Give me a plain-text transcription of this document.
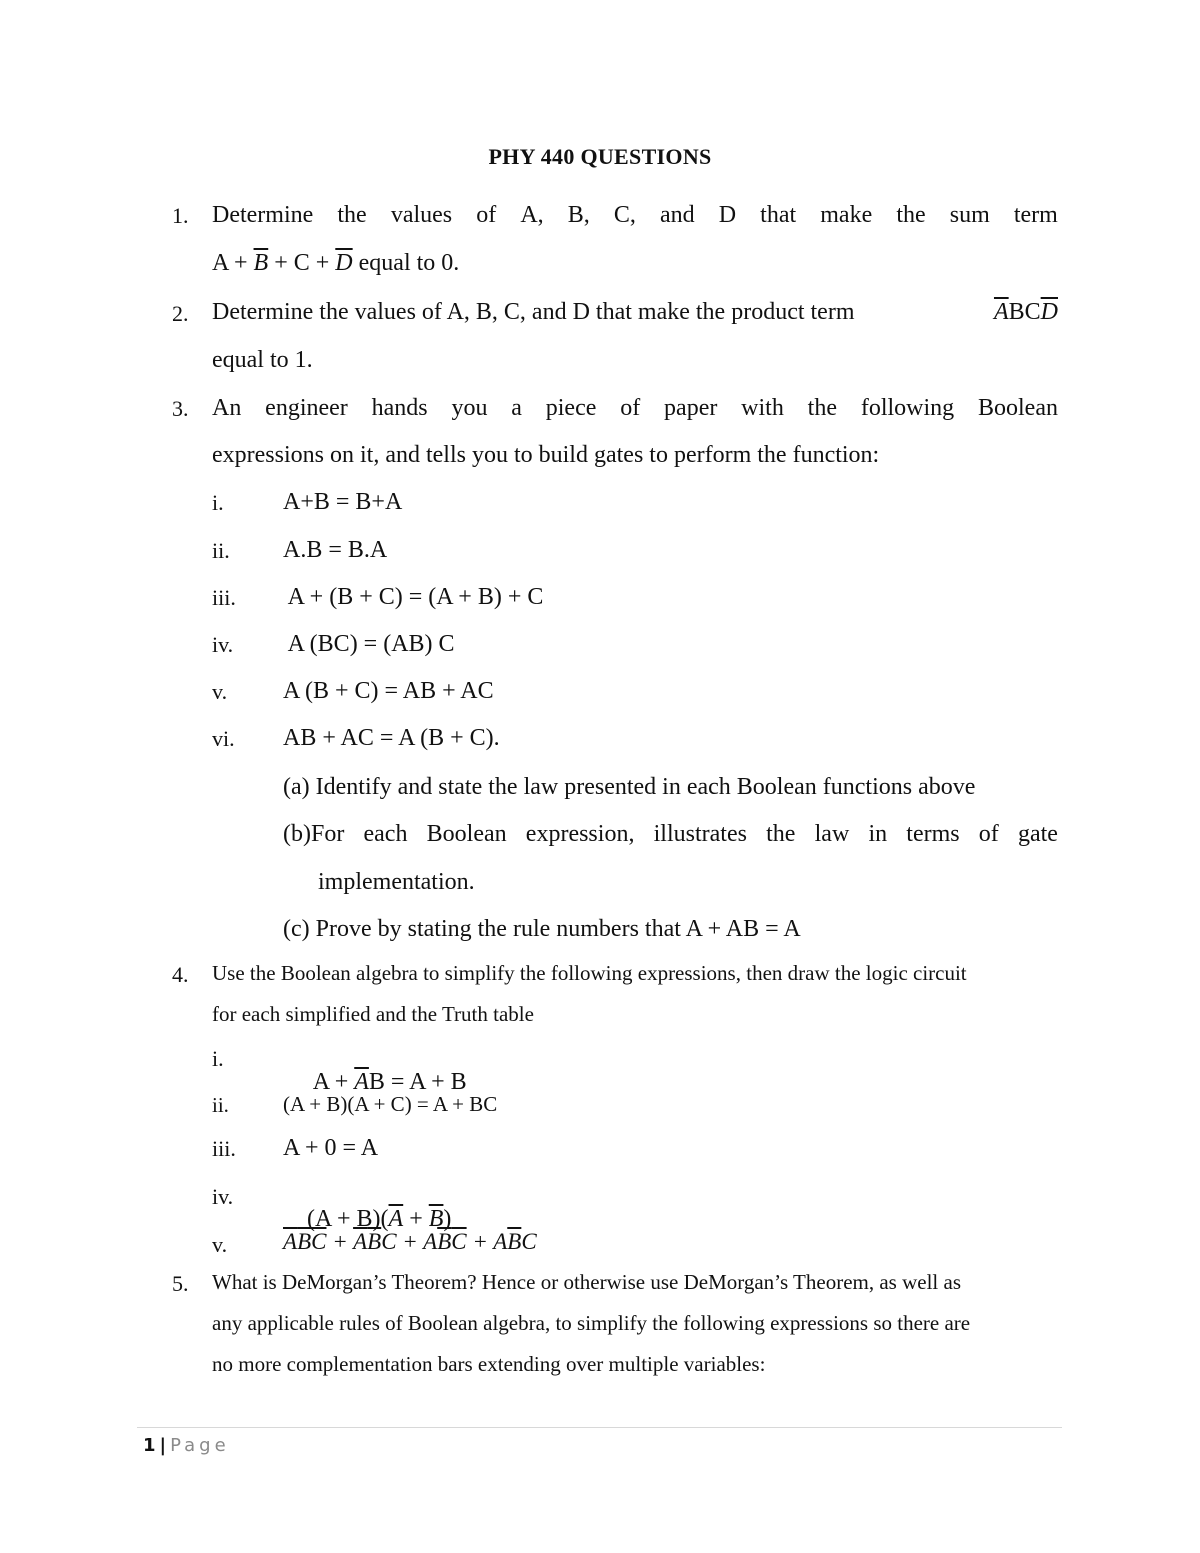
PHY 440 QUESTIONS
1. Determine the values of A, B, C, and D that make the sum term
$A + \overline{B} + C + \overline{D}$ equal to 0.
2. Determine the values of A, B, C, and D that make the product term	$\overline{A}BC\overline{D}$
equal to 1.
3. An engineer hands you a piece of paper with the following Boolean
expressions on it, and tells you to build gates to perform the function:
i. A+B = B+A
ii. A.B = B.A
iii. A + (B + C) = (A + B) + C
iv. A (BC) = (AB) C
v. A (B + C) = AB + AC
vi. AB + AC = A (B + C).
(a) Identify and state the law presented in each Boolean functions above
(b)For each Boolean expression, illustrates the law in terms of gate
implementation.
(c) Prove by stating the rule numbers that A + AB = A
4. Use the Boolean algebra to simplify the following expressions, then draw the logic circuit
for each simplified and the Truth table
i.

$A + \overline{A}B = A + B$

ii.	(A + B)(A + C) = A + BC
iii. A + 0 = A
iv.

$(A + B)(\overline{A} + \overline{B})$

v. $\overline{A}\overline{B}\overline{C} + \overline{A}\overline{B}C + A\overline{B}\overline{C} + A\overline{B}C$
5. What is DeMorgan’s Theorem? Hence or otherwise use DeMorgan’s Theorem, as well as
any applicable rules of Boolean algebra, to simplify the following expressions so there are
no more complementation bars extending over multiple variables:
1 | Page
